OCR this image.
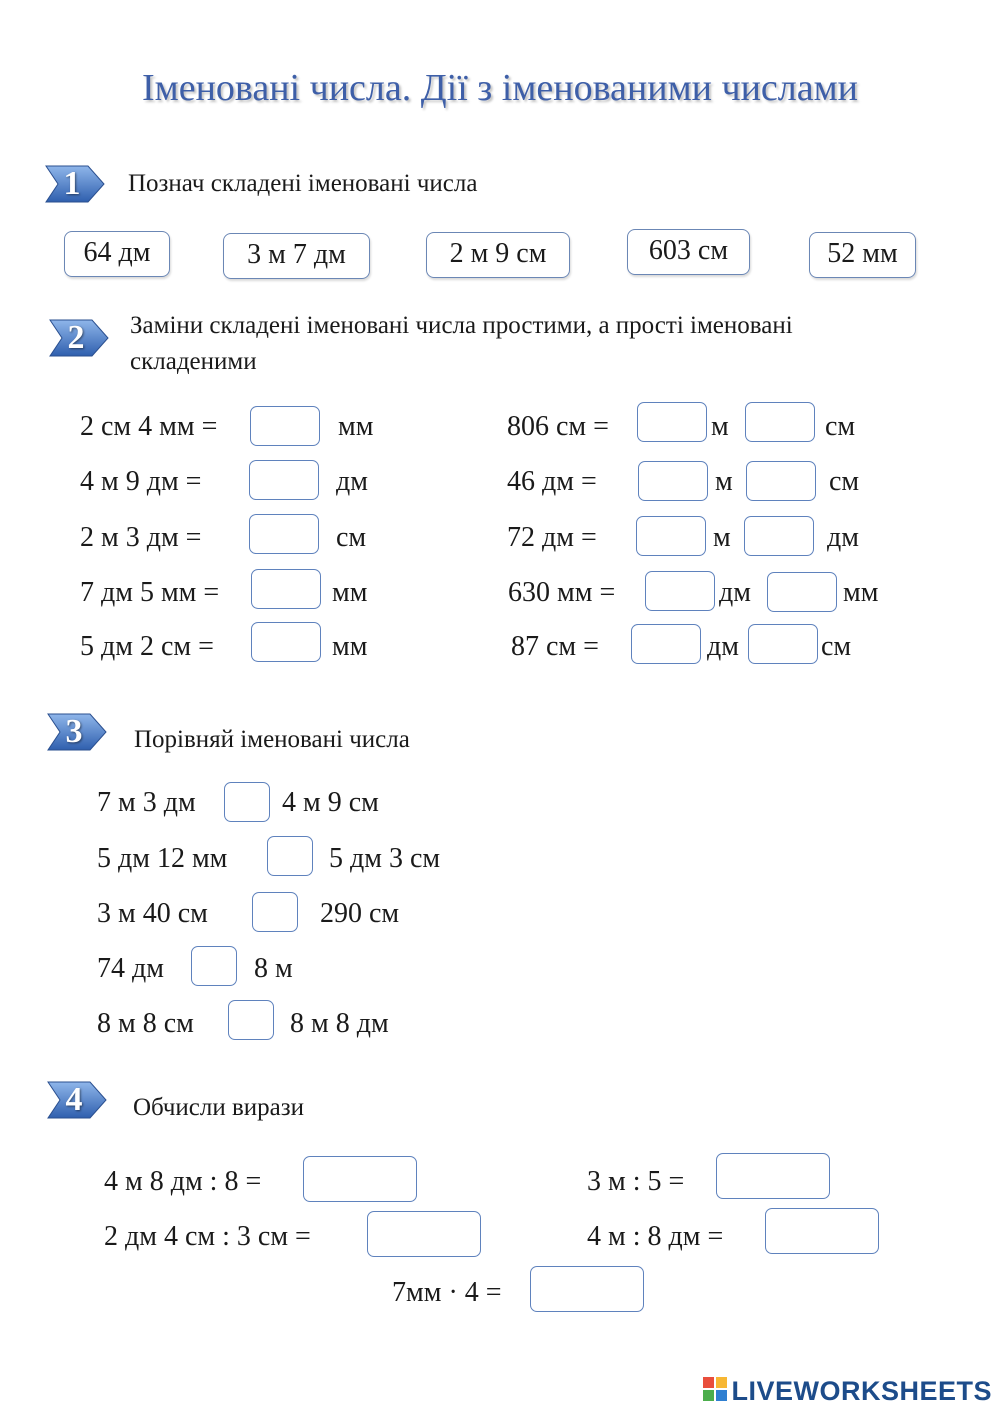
Іменовані числа. Дії з іменованими числами
1	Познач складені іменовані числа
64 дм	3 м 7 дм	2 м 9 см	603 см	52 мм
2	Заміни складені іменовані числа простими, а прості іменовані
складеними
2 см 4 мм =	мм
4 м 9 дм =	дм
2 м 3 дм =	см
7 дм 5 мм =	мм
5 дм 2 см =	мм
806 см =	м	см
46 дм =	м	см
72 дм =	м	дм
630 мм =	дм	мм
87 см =	дм	см
3	Порівняй іменовані числа
7 м 3 дм	4 м 9 см
5 дм 12 мм	5 дм 3 см
3 м 40 см	290 см
74 дм	8 м
8 м 8 см	8 м 8 дм
4	Обчисли вирази
4 м 8 дм : 8 =	3 м : 5 =
2 дм 4 см : 3 см =	4 м : 8 дм =
7мм · 4 =
LIVEWORKSHEETS
